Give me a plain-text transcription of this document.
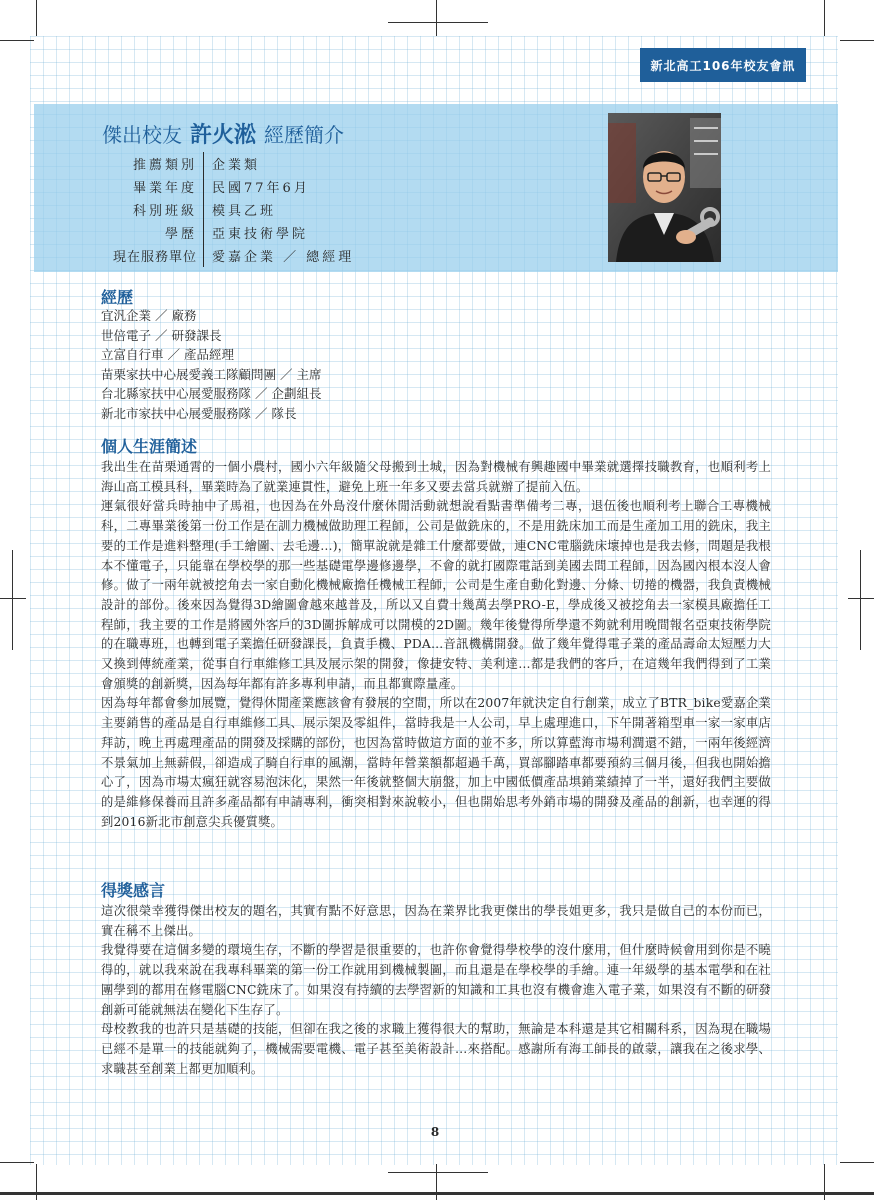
新北高工106年校友會訊
傑出校友 許火淞 經歷簡介
推薦類別	企業類
畢業年度	民國77年6月
科別班級	模具乙班
學歷	亞東技術學院
現在服務單位	愛嘉企業 ／ 總經理
經歷
宜汎企業 ／ 廠務
世倍電子 ／ 研發課長
立富自行車 ／ 產品經理
苗栗家扶中心展愛義工隊顧問團 ／ 主席
台北縣家扶中心展愛服務隊 ／ 企劃組長
新北市家扶中心展愛服務隊 ／ 隊長
個人生涯簡述

我出生在苗栗通霄的一個小農村，國小六年級隨父母搬到土城，因為對機械有興趣國中畢業就選擇技職教育，也順利考上海山高工模具科，畢業時為了就業連貫性，避免上班一年多又要去當兵就辦了提前入伍。

運氣很好當兵時抽中了馬祖，也因為在外島沒什麼休閒活動就想說看點書準備考二專，退伍後也順利考上聯合工專機械科，二專畢業後第一份工作是在訓力機械做助理工程師，公司是做銑床的，不是用銑床加工而是生產加工用的銑床，我主要的工作是進料整理(手工繪圖、去毛邊…)，簡單說就是雜工什麼都要做，連CNC電腦銑床壞掉也是我去修，問題是我根本不懂電子，只能靠在學校學的那一些基礎電學邊修邊學，不會的就打國際電話到美國去問工程師，因為國內根本沒人會修。做了一兩年就被挖角去一家自動化機械廠擔任機械工程師，公司是生產自動化對邊、分條、切捲的機器，我負責機械設計的部份。後來因為覺得3D繪圖會越來越普及，所以又自費十幾萬去學PRO-E，學成後又被挖角去一家模具廠擔任工程師，我主要的工作是將國外客戶的3D圖拆解成可以開模的2D圖。幾年後覺得所學還不夠就利用晚間報名亞東技術學院的在職專班，也轉到電子業擔任研發課長，負責手機、PDA…音訊機構開發。做了幾年覺得電子業的產品壽命太短壓力大又換到傳統產業，從事自行車維修工具及展示架的開發，像捷安特、美利達…都是我們的客戶，在這幾年我們得到了工業會頒獎的創新獎，因為每年都有許多專利申請，而且都實際量產。

因為每年都會參加展覽，覺得休閒產業應該會有發展的空間，所以在2007年就決定自行創業，成立了BTR_bike愛嘉企業主要銷售的產品是自行車維修工具、展示架及零組件，當時我是一人公司，早上處理進口，下午開著箱型車一家一家車店拜訪，晚上再處理產品的開發及採購的部份，也因為當時做這方面的並不多，所以算藍海市場利潤還不錯，一兩年後經濟不景氣加上無薪假，卻造成了騎自行車的風潮，當時年營業額都超過千萬，買部腳踏車都要預約三個月後，但我也開始擔心了，因為市場太瘋狂就容易泡沫化，果然一年後就整個大崩盤，加上中國低價產品埧銷業績掉了一半，還好我們主要做的是維修保養而且許多產品都有申請專利，衝突相對來說較小，但也開始思考外銷市場的開發及產品的創新，也幸運的得到2016新北市創意尖兵優質獎。

得獎感言

這次很榮幸獲得傑出校友的題名，其實有點不好意思，因為在業界比我更傑出的學長姐更多，我只是做自己的本份而已，實在稱不上傑出。

我覺得要在這個多變的環境生存，不斷的學習是很重要的，也許你會覺得學校學的沒什麼用，但什麼時候會用到你是不曉得的，就以我來說在我專科畢業的第一份工作就用到機械製圖，而且還是在學校學的手繪。連一年級學的基本電學和在社團學到的都用在修電腦CNC銑床了。如果沒有持續的去學習新的知識和工具也沒有機會進入電子業，如果沒有不斷的研發創新可能就無法在變化下生存了。

母校教我的也許只是基礎的技能，但卻在我之後的求職上獲得很大的幫助，無論是本科還是其它相關科系，因為現在職場已經不是單一的技能就夠了，機械需要電機、電子甚至美術設計…來搭配。感謝所有海工師長的啟蒙，讓我在之後求學、求職甚至創業上都更加順利。

8
